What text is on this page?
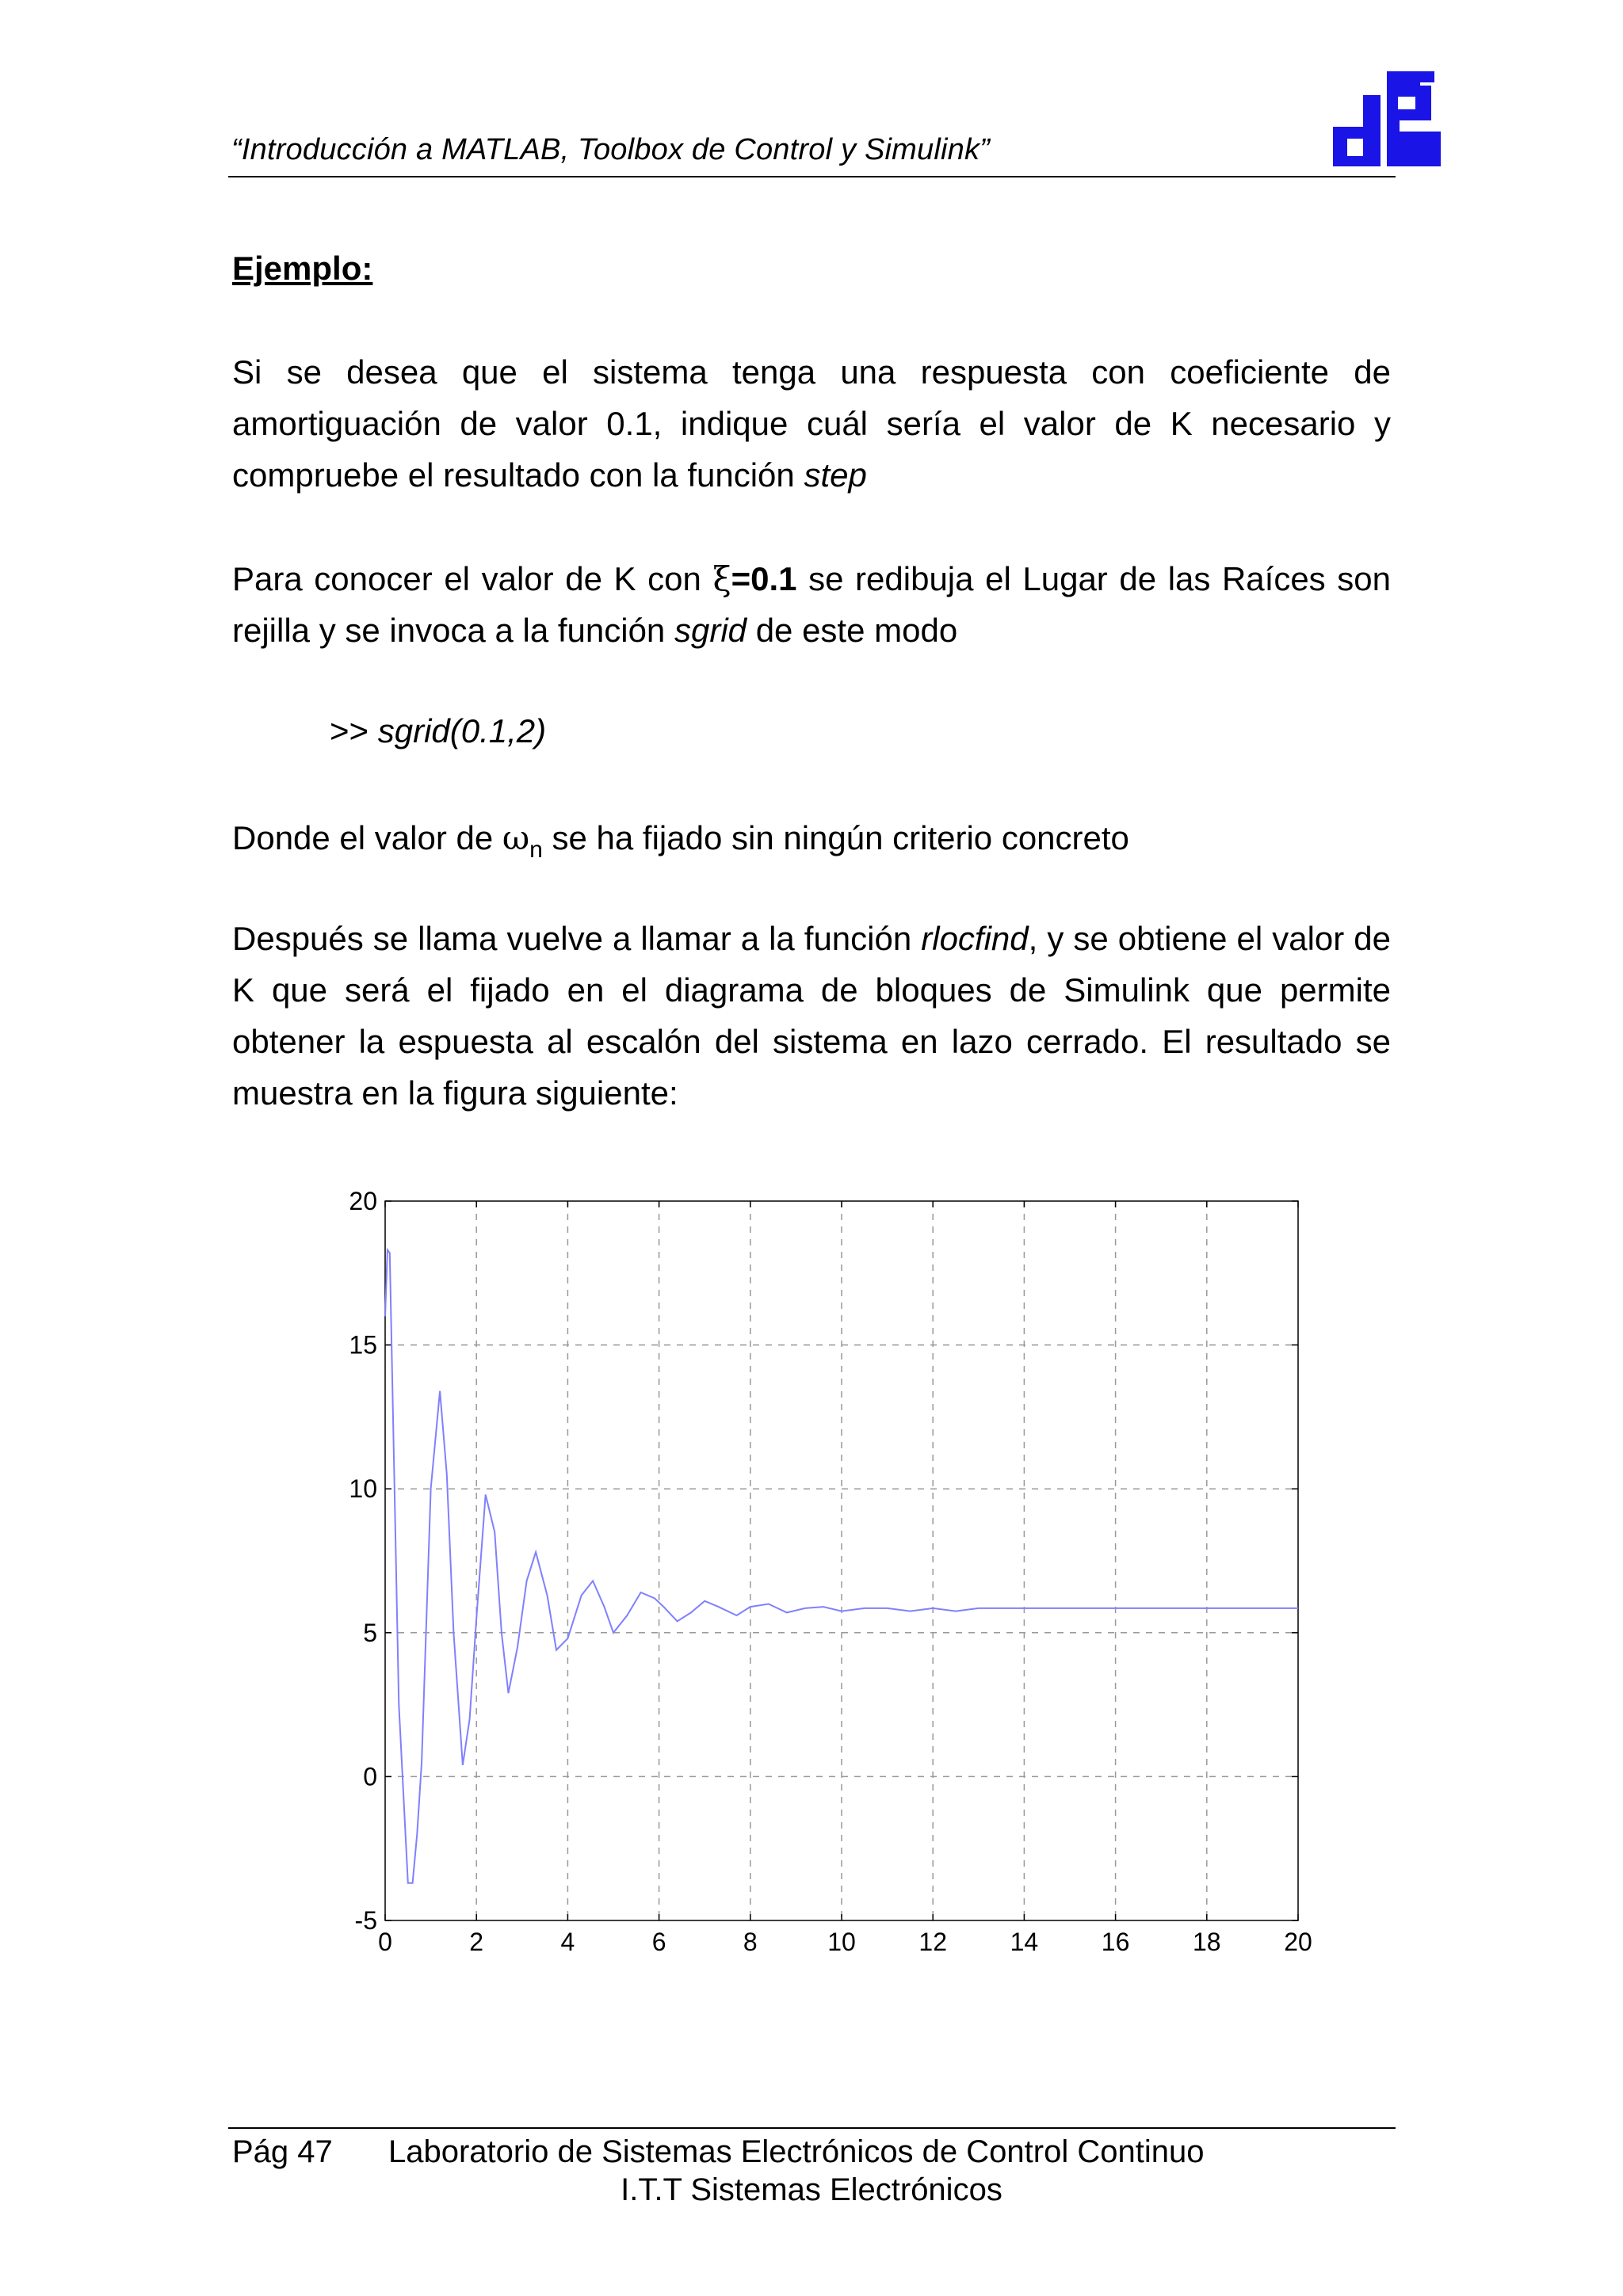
“Introducción a MATLAB, Toolbox de Control y Simulink”
Ejemplo:
Si se desea que el sistema tenga una respuesta con coeficiente de amortiguación de valor 0.1, indique cuál sería el valor de K necesario y compruebe el resultado con la función step
Para conocer el valor de K con ξ=0.1 se redibuja el Lugar de las Raíces son rejilla y se invoca a la función sgrid de este modo
>> sgrid(0.1,2)
Donde el valor de $\omega_n$ se ha fijado sin ningún criterio concreto
Después se llama vuelve a llamar a la función rlocfind, y se obtiene el valor de K que será el fijado en el diagrama de bloques de Simulink que permite obtener la espuesta al escalón del sistema en lazo cerrado. El resultado se muestra en la figura siguiente:
0	2	4	6	8	10 12 14 16 18 20
-5
0
5
10
15
20
Pág 47 Laboratorio de Sistemas Electrónicos de Control Continuo
I.T.T Sistemas Electrónicos
